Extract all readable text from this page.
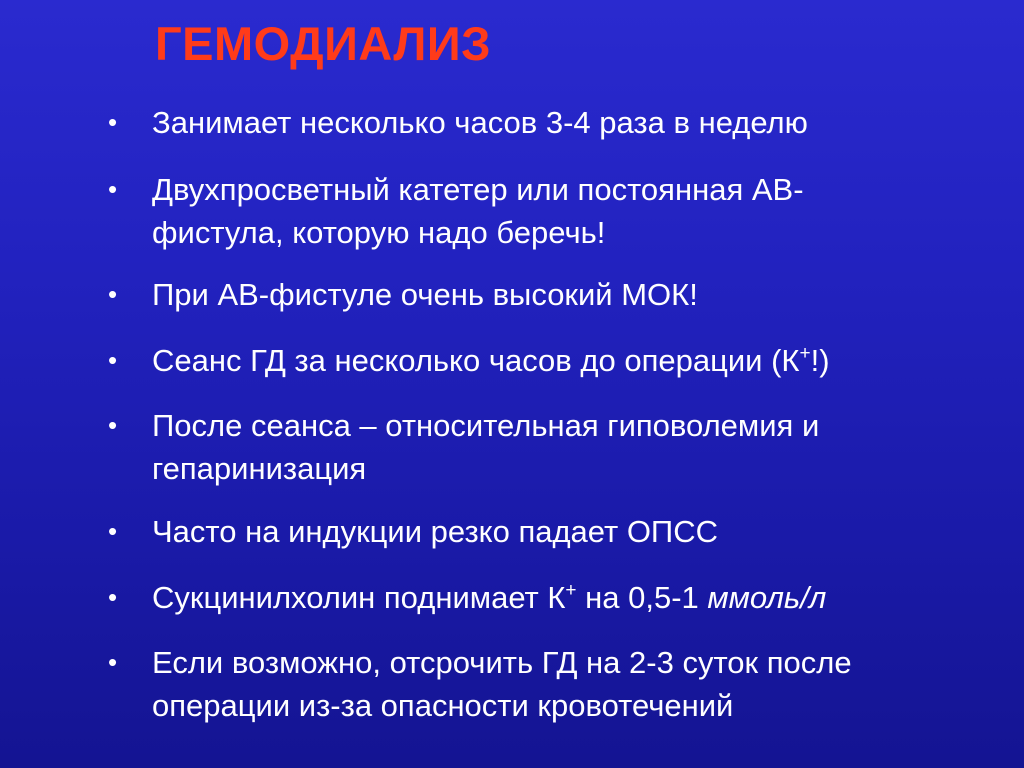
ГЕМОДИАЛИЗ
•	Занимает несколько часов 3-4 раза в неделю
•	Двухпросветный катетер или постоянная АВ-
фистула, которую надо беречь!
•	При АВ-фистуле очень высокий МОК!
•	Сеанс ГД за несколько часов до операции (К+!)
•	После сеанса – относительная гиповолемия и
гепаринизация
•	Часто на индукции резко падает ОПСС
•	Сукцинилхолин поднимает К+ на 0,5-1 ммоль/л
•	Если возможно, отсрочить ГД на 2-3 суток после
операции из-за опасности кровотечений
